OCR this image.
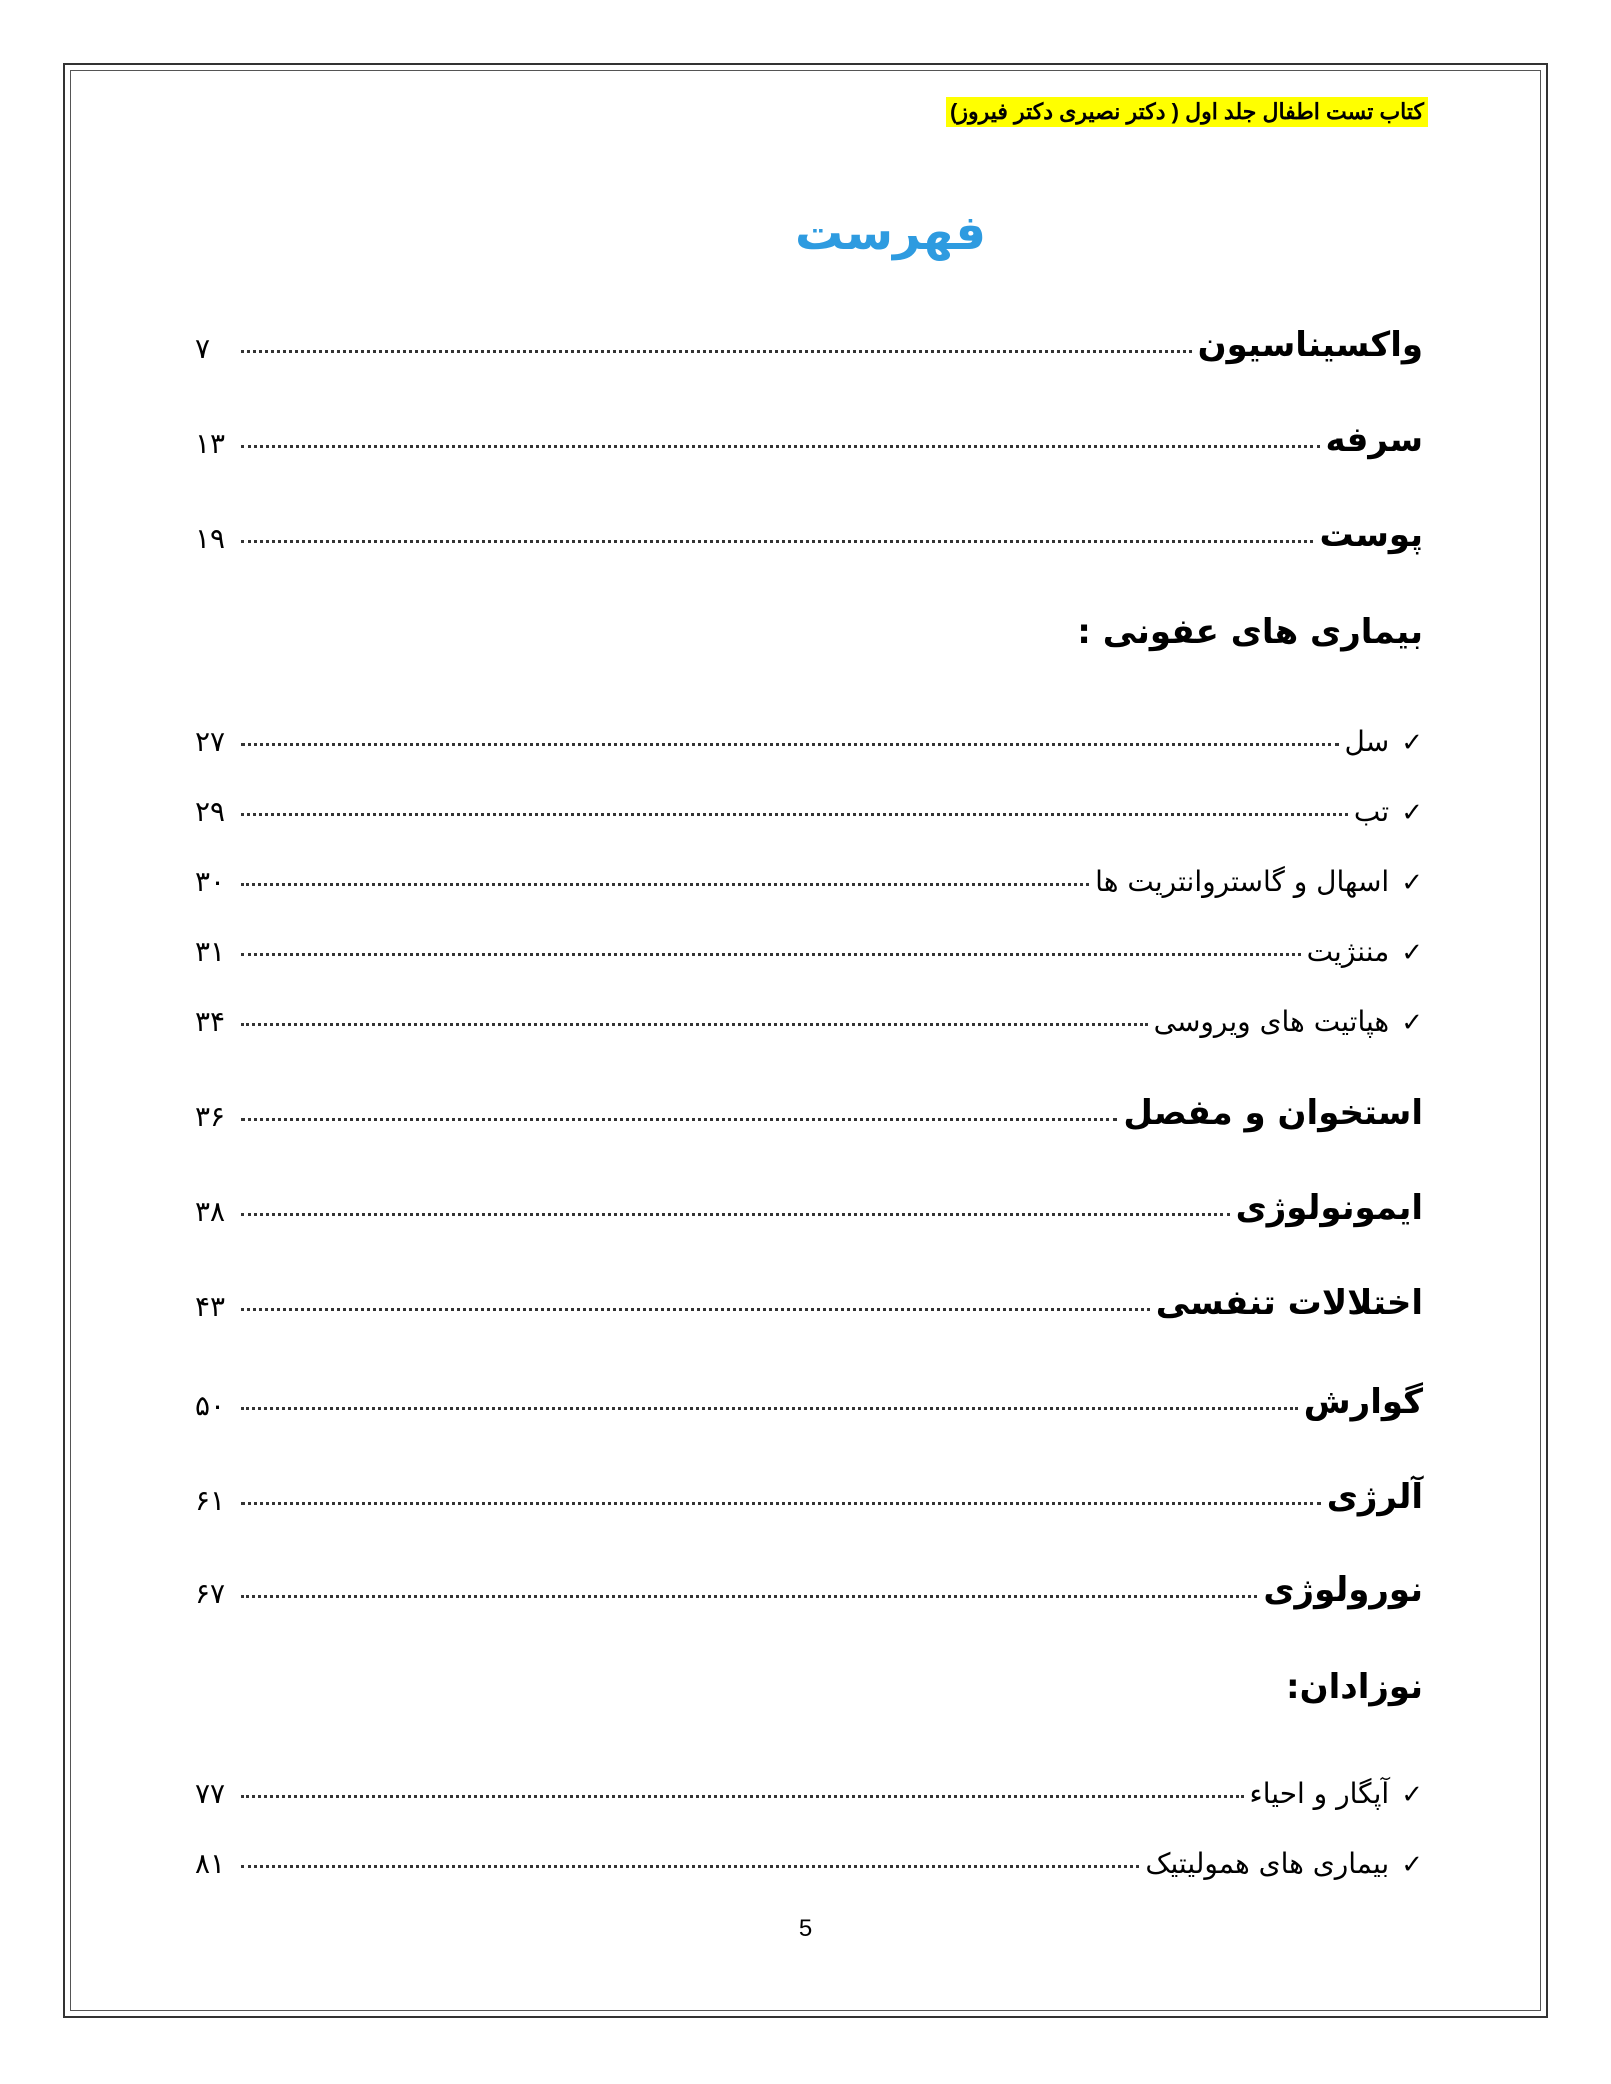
کتاب تست اطفال جلد اول ( دکتر نصیری دکتر فیروز)
فهرست
واکسیناسیون
۷
سرفه
۱۳
پوست
۱۹
بیماری های عفونی :
✓
سل
۲۷
✓
تب
۲۹
✓
اسهال و گاستروانتریت ها
۳۰
✓
مننژیت
۳۱
✓
هپاتیت های ویروسی
۳۴
استخوان و مفصل
۳۶
ایمونولوژی
۳۸
اختلالات تنفسی
۴۳
گوارش
۵۰
آلرژی
۶۱
نورولوژی
۶۷
نوزادان:
✓
آپگار و احیاء
۷۷
✓
بیماری های همولیتیک
۸۱
5
